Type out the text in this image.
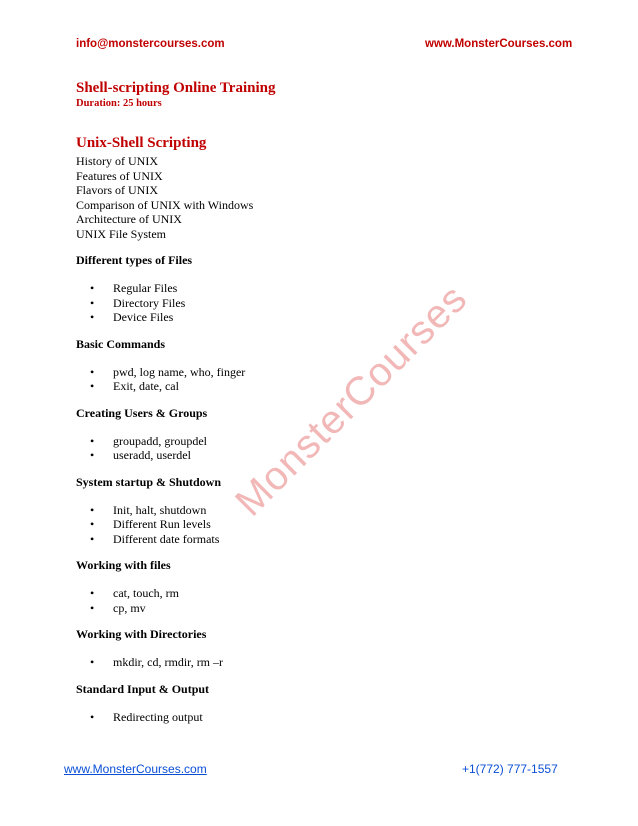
info@monstercourses.com	www.MonsterCourses.com
MonsterCourses

Shell-scripting Online Training

Duration: 25 hours

Unix-Shell Scripting

History of UNIX
Features of UNIX
Flavors of UNIX
Comparison of UNIX with Windows
Architecture of UNIX
UNIX File System

Different types of Files

• Regular Files
• Directory Files
• Device Files

Basic Commands

• pwd, log name, who, finger
• Exit, date, cal

Creating Users & Groups

• groupadd, groupdel
• useradd, userdel

System startup & Shutdown

• Init, halt, shutdown
• Different Run levels
• Different date formats

Working with files

• cat, touch, rm
• cp, mv

Working with Directories

• mkdir, cd, rmdir, rm –r

Standard Input & Output

• Redirecting output
www.MonsterCourses.com	+1(772) 777-1557
